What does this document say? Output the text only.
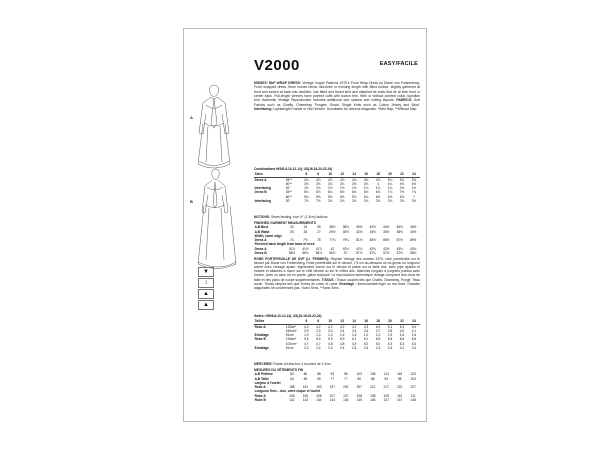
V2000	EASY/FACILE
A
B
▼
↕
▲
▲
MISSES' DbF WRAP DRESS: Vintage Vogue Patterns 1970's Front Wrap Dress by Diane von Furstenberg. Front wrapped dress, three inches below mid-knee or evening length with fitted bodice, slightly gathered at front and tucked at back into neckline, has fitted and flared skirt and attached tie ends that tie at side front or center back. Full-length sleeves have pointed cuffs with button trim. With or without pointed collar, topstitch trim. Authentic Vintage Reproduction includes additional size options and cutting layouts. FABRICS: Soft Fabrics such as Challis, Chambray, Pongee, Surah, Single Knits such as Cotton Jersey and Wool. Interfacing: Lightweight Fusible or Non Woven. Unsuitable for obvious diagonals. *With Nap. **Without Nap.
Combinations HIS/6-8-10-12-14), US(16-18-20-22-24)
Sizes		6	8	10	12	14	16	18	20	22	24
Dress A	45**	4¾	4⅞	4⅞	4⅞	4¾	4¾	4⅞	5¼	5¾	5¾
	60**	3⅛	3⅛	3¼	3¼	3⅜	3¾	4	4¼	4⅜	4½
Interfacing	20"	1⅛	1⅛	1⅛	1⅛	1⅛	1¼	1¼	1¼	1⅜	1⅜
Dress B	45**	6¾	6⅞	6¼	6½	6⅜	6¾	6⅞	7¼	7½	7¾
	60**	5¼	5⅜	5½	5½	5⅞	6¼	6½	6½	6⅞	7
Interfacing	20"	7⅛	7⅛	2⅛	2⅛	2⅛	2⅛	2⅛	2⅛	2⅜	2⅜
NOTIONS: Seam binding, four ½" (1.3cm) buttons.
FINISHED GARMENT MEASUREMENTS
A,B Bust	33	34	35	38½	38¾	40½	42½	44½	46½	48½
A,B Waist	25	26	27	29½	30½	32½	34½	36½	38½	40½
Width, lower edge										
Dress A	74	7½	76	77¾	79¼	81½	83½	85½	87½	89½
Finished back length from base of neck										
Dress A	41⅞	41½	41⅞	42	42⅛	42¼	42⅜	42½	43⅛	43¾
Dress B	56½	56¾	56⅞	56⅞	57	57⅛	57¼	57⅜	57½	58⅛
ROBE PORTEFEUILLE DE DVF (LI. FEMMES): Reprise Vintage des années 1970, robe portefeuille sur le devant par Diane von Furstenberg. Robe portefeuille sur le devant, 7,5 cm au-dessous du mi-genou ou longueur soirée avec corsage ajusté, légèrement froncé sur le devant et plissé sur la taille dos, avec jupe ajustée et évasée et attaches à nouer sur le côté devant ou sur le milieu dos. Manches longues à poignets pointus avec bouton. Avec ou sans col en pointe, galon surpiqué. La reproduction authentique vintage comprend des choix de taille et des plans de coupe supplémentaires. TISSUS : Tissus souples tels que Challis, Chambray, Pongé, Tissu surah, Tricots simples tels que Jersey de coton et Laine. Entoilage : thermocollant léger ou non tissé. Grandes diagonales ne conviennent pas. *Avec Sens. **Sans Sens.
Suites: HIS/6-8-10-12-14), US(16-18-20-22-24)
Tailles		6	8	10	12	14	16	18	20	22	24
Robe A	115cm*	4,2	4,2	4,2	4,2	4,2	4,3	5,0	5,1	5,3	5,4
	150cm*	2,9	2,9	3,3	3,4	3,4	3,4	3,7	3,8	4,0	4,1
Entoilage	51cm	1,0	1,0	1,0	1,6	1,6	1,0	1,0	1,5	1,6	1,6
Robe B	115cm*	5,8	5,9	5,9	5,9	6,1	6,1	6,5	6,5	6,6	6,6
	100cm*	4,7	4,7	4,8	4,8	4,9	5,0	5,0	5,3	5,3	5,4
Entoilage	51cm	2,4	2,4	2,4	2,4	2,4	2,4	2,4	2,4	2,4	2,4
MERCERIE: Ruban d'extra-fort, 4 boutons de 1,3cm.
MESURES DU VÊTEMENTS FIN
A,B Poitrine	84	86	88	93	96	103	108	113	118	123
A,B Taille	64	66	69	77	77	80	88	93	98	103
Largeur à l'ourlet										
Robe A	188	191	193	197	202	207	212	217	222	227
Longueur finie – dos, votre nuque à l'ourlet										
Robe A	105	106	106	107	107	108	108	109	110	111
Robe B	142	143	144	144	145	145	146	147	147	148
